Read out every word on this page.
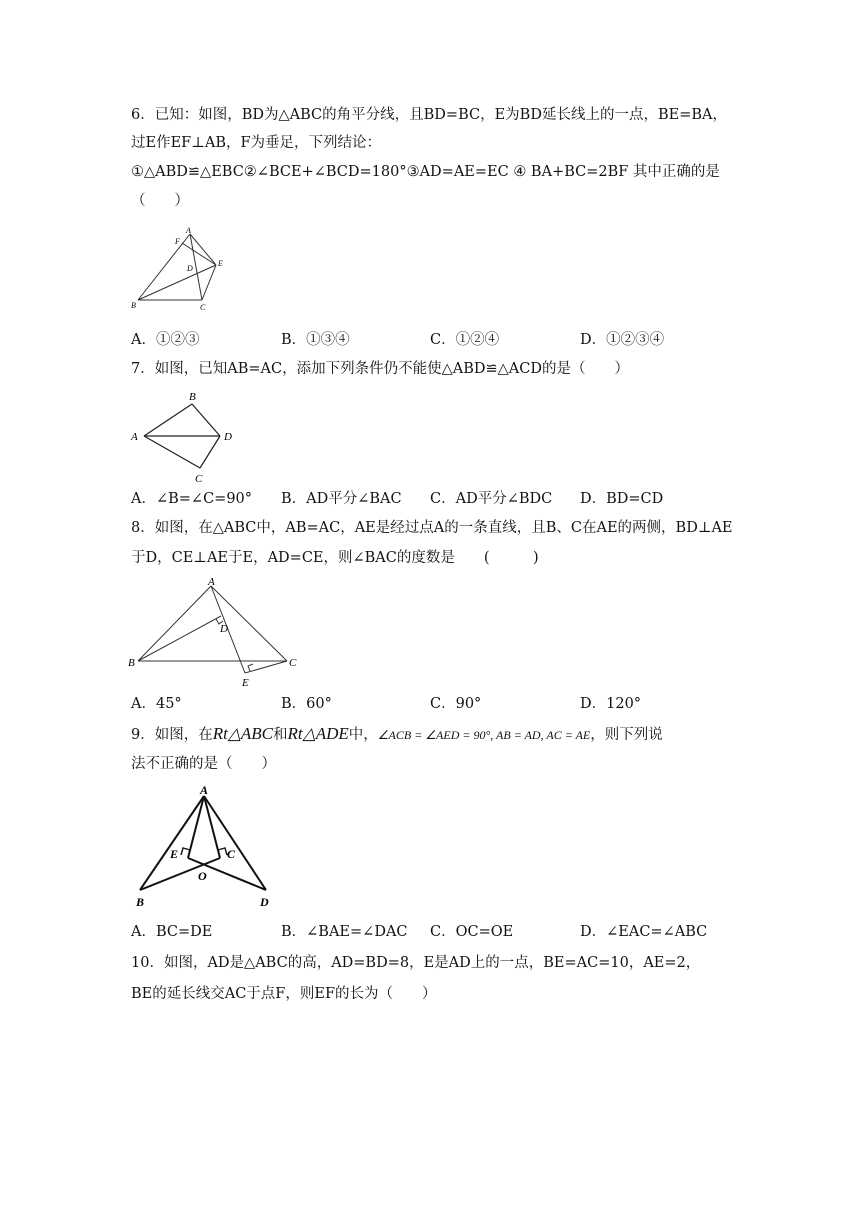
6．已知：如图，BD为△ABC的角平分线，且BD=BC，E为BD延长线上的一点，BE=BA，
过E作EF⊥AB，F为垂足，下列结论：
①△ABD≌△EBC②∠BCE+∠BCD=180°③AD=AE=EC ④ BA+BC=2BF 其中正确的是
（　　）
A
F
D
E
B	C
A．①②③	B．①③④	C．①②④	D．①②③④
7．如图，已知AB=AC，添加下列条件仍不能使△ABD≌△ACD的是（　　）
A
B
D
C
A．∠B=∠C=90° B．AD平分∠BAC C．AD平分∠BDC D．BD=CD
8．如图，在△ABC中，AB=AC，AE是经过点A的一条直线，且B、C在AE的两侧，BD⊥AE
于D，CE⊥AE于E，AD=CE，则∠BAC的度数是　　(　　　)
A
D
B	C
E
A．45°	B．60°	C．90°	D．120°
9．如图，在Rt△ABC和Rt△ADE中，∠ACB = ∠AED = 90°, AB = AD, AC = AE，则下列说
法不正确的是（　　）
A
E	C
O
B	D
A．BC=DE	B．∠BAE=∠DAC C．OC=OE	D．∠EAC=∠ABC
10．如图，AD是△ABC的高，AD=BD=8，E是AD上的一点，BE=AC=10，AE=2，
BE的延长线交AC于点F，则EF的长为（　　）
